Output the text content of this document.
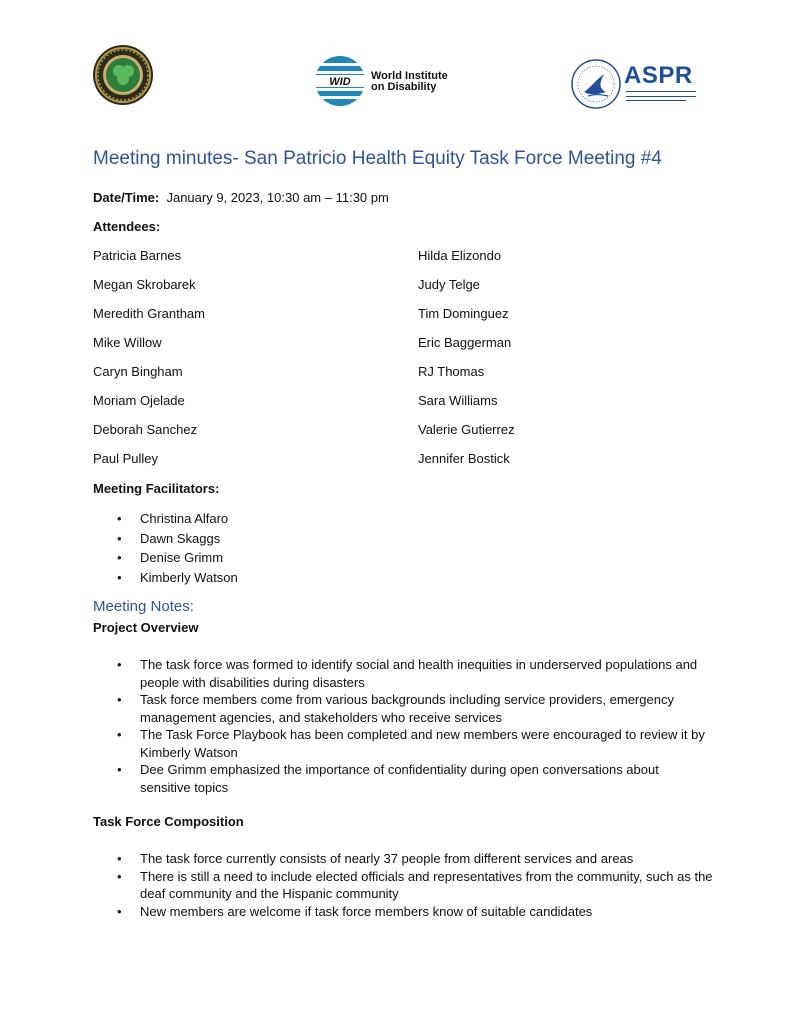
WID World Institute
on Disability	ASPR
Meeting minutes- San Patricio Health Equity Task Force Meeting #4
Date/Time: January 9, 2023, 10:30 am – 11:30 pm
Attendees:
Patricia Barnes
Megan Skrobarek
Meredith Grantham
Mike Willow
Caryn Bingham
Moriam Ojelade
Deborah Sanchez
Paul Pulley
Hilda Elizondo
Judy Telge
Tim Dominguez
Eric Baggerman
RJ Thomas
Sara Williams
Valerie Gutierrez
Jennifer Bostick
Meeting Facilitators:
• Christina Alfaro
• Dawn Skaggs
• Denise Grimm
• Kimberly Watson
Meeting Notes:
Project Overview
• The task force was formed to identify social and health inequities in underserved populations and people with disabilities during disasters
• Task force members come from various backgrounds including service providers, emergency management agencies, and stakeholders who receive services
• The Task Force Playbook has been completed and new members were encouraged to review it by Kimberly Watson
• Dee Grimm emphasized the importance of confidentiality during open conversations about sensitive topics
Task Force Composition
• The task force currently consists of nearly 37 people from different services and areas
• There is still a need to include elected officials and representatives from the community, such as the deaf community and the Hispanic community
• New members are welcome if task force members know of suitable candidates
